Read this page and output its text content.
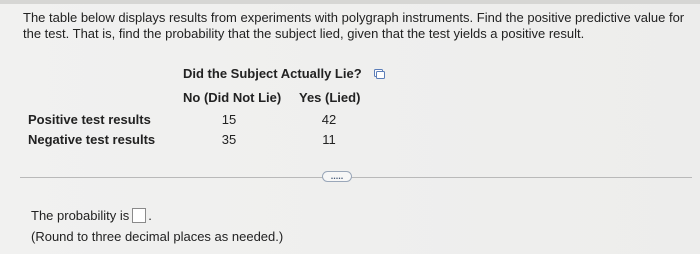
The table below displays results from experiments with polygraph instruments. Find the positive predictive value for the test. That is, find the probability that the subject lied, given that the test yields a positive result.
Did the Subject Actually Lie?
No (Did Not Lie) Yes (Lied)
Positive test results	15	42
Negative test results	35	11
.....
The probability is .
(Round to three decimal places as needed.)
